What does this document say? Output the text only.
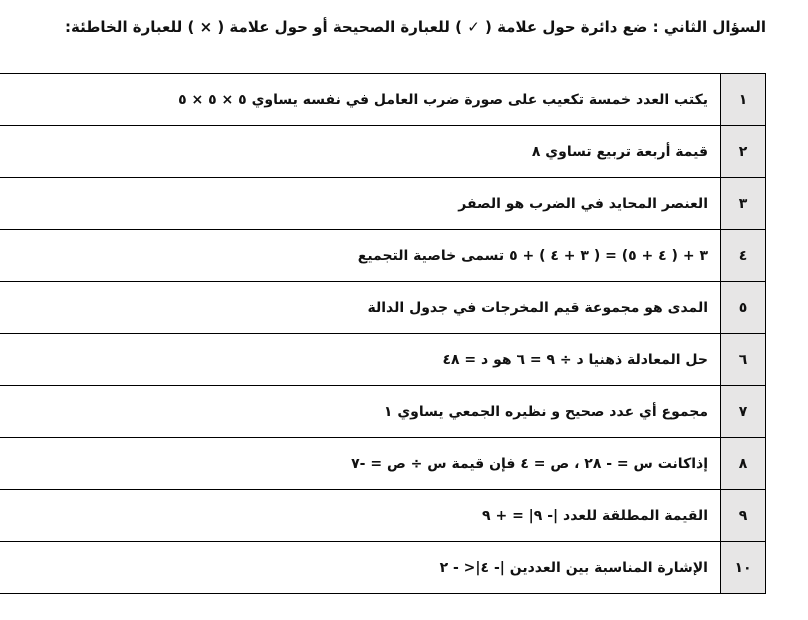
السؤال الثاني : ضع دائرة حول علامة ( ✓ ) للعبارة الصحيحة أو حول علامة ( × ) للعبارة الخاطئة:
١	يكتب العدد خمسة تكعيب على صورة ضرب العامل في نفسه يساوي ٥ × ٥ × ٥
٢	قيمة أربعة تربيع تساوي ٨
٣	العنصر المحايد في الضرب هو الصفر
٤	٣ + ( ٤ + ٥) = ( ٣ + ٤ ) + ٥ تسمى خاصية التجميع
٥	المدى هو مجموعة قيم المخرجات في جدول الدالة
٦	حل المعادلة ذهنيا د ÷ ٩ = ٦ هو د = ٤٨
٧	مجموع أي عدد صحيح و نظيره الجمعي يساوي ١
٨	إذاكانت س = - ٢٨ ، ص = ٤ فإن قيمة س ÷ ص = -٧
٩	القيمة المطلقة للعدد |- ٩| = + ٩
١٠	الإشارة المناسبة بين العددين |- ٤|< - ٢
